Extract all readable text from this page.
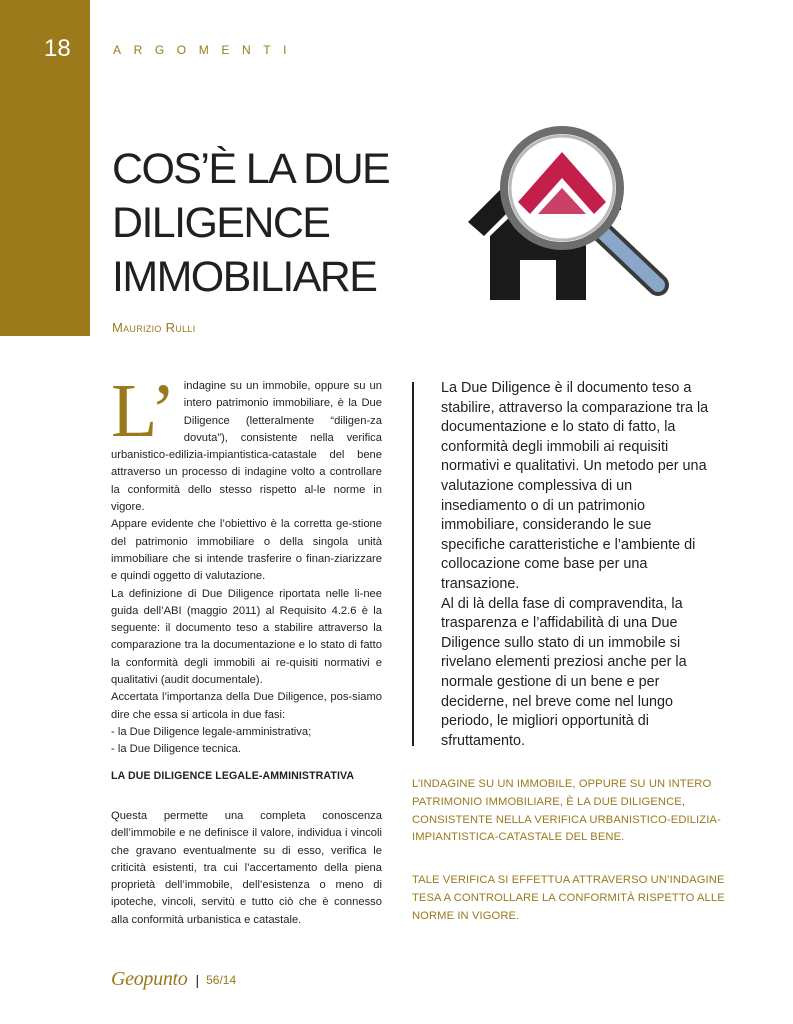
18	ARGOMENTI
COS’È LA DUE DILIGENCE IMMOBILIARE
Maurizio Rulli
L’ indagine su un immobile, oppure su un intero patrimonio immobiliare, è la Due Diligence (letteralmente “diligen-za dovuta”), consistente nella verifica urbanistico-edilizia-impiantistica-catastale del bene attraverso un processo di indagine volto a controllare la conformità dello stesso rispetto al-le norme in vigore.

Appare evidente che l’obiettivo è la corretta ge-stione del patrimonio immobiliare o della singola unità immobiliare che si intende trasferire o finan-ziarizzare e quindi oggetto di valutazione.

La definizione di Due Diligence riportata nelle li-nee guida dell’ABI (maggio 2011) al Requisito 4.2.6 è la seguente: il documento teso a stabilire attraverso la comparazione tra la documentazione e lo stato di fatto la conformità degli immobili ai re-quisiti normativi e qualitativi (audit documentale).

Accertata l’importanza della Due Diligence, pos-siamo dire che essa si articola in due fasi:

- la Due Diligence legale-amministrativa;

- la Due Diligence tecnica.

LA DUE DILIGENCE LEGALE-AMMINISTRATIVA

Questa permette una completa conoscenza dell’immobile e ne definisce il valore, individua i vincoli che gravano eventualmente su di esso, verifica le criticità esistenti, tra cui l’accertamento della piena proprietà dell’immobile, dell’esistenza o meno di ipoteche, vincoli, servitù e tutto ciò che è connesso alla conformità urbanistica e catastale.

La Due Diligence è il documento teso a stabilire, attraverso la comparazione tra la documentazione e lo stato di fatto, la conformità degli immobili ai requisiti normativi e qualitativi. Un metodo per una valutazione complessiva di un insediamento o di un patrimonio immobiliare, considerando le sue specifiche caratteristiche e l’ambiente di collocazione come base per una transazione.

Al di là della fase di compravendita, la trasparenza e l’affidabilità di una Due Diligence sullo stato di un immobile si rivelano elementi preziosi anche per la normale gestione di un bene e per deciderne, nel breve come nel lungo periodo, le migliori opportunità di sfruttamento.

L’INDAGINE SU UN IMMOBILE, OPPURE SU UN INTERO PATRIMONIO IMMOBILIARE, È LA DUE DILIGENCE, CONSISTENTE NELLA VERIFICA URBANISTICO-EDILIZIA-IMPIANTISTICA-CATASTALE DEL BENE.
TALE VERIFICA SI EFFETTUA ATTRAVERSO UN’INDAGINE TESA A CONTROLLARE LA CONFORMITÀ RISPETTO ALLE NORME IN VIGORE.
Geopunto | 56/14
